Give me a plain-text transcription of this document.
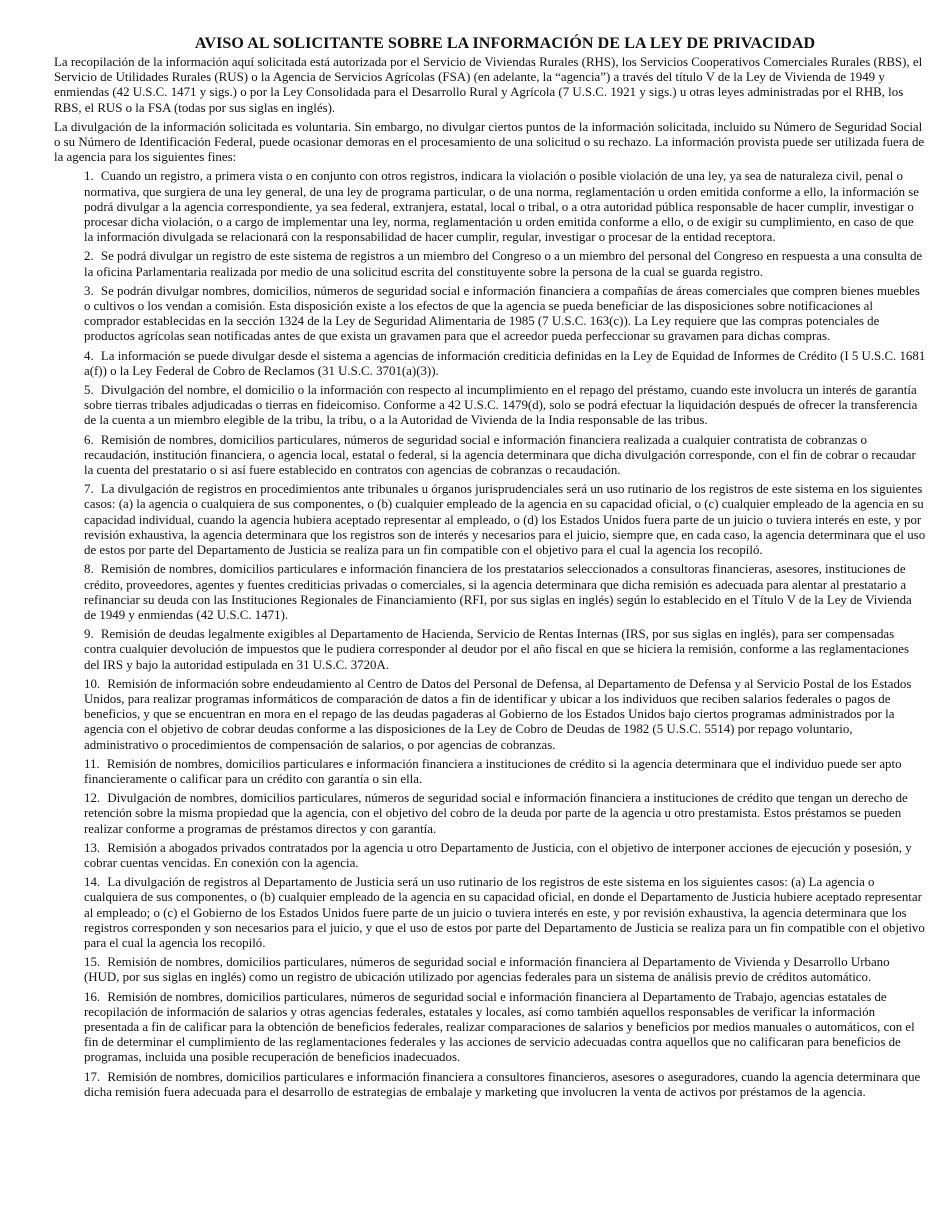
AVISO AL SOLICITANTE SOBRE LA INFORMACIÓN DE LA LEY DE PRIVACIDAD

La recopilación de la información aquí solicitada está autorizada por el Servicio de Viviendas Rurales (RHS), los Servicios Cooperativos Comerciales Rurales (RBS), el Servicio de Utilidades Rurales (RUS) o la Agencia de Servicios Agrícolas (FSA) (en adelante, la “agencia”) a través del título V de la Ley de Vivienda de 1949 y enmiendas (42 U.S.C. 1471 y sigs.) o por la Ley Consolidada para el Desarrollo Rural y Agrícola (7 U.S.C. 1921 y sigs.) u otras leyes administradas por el RHB, los RBS, el RUS o la FSA (todas por sus siglas en inglés).

La divulgación de la información solicitada es voluntaria. Sin embargo, no divulgar ciertos puntos de la información solicitada, incluido su Número de Seguridad Social o su Número de Identificación Federal, puede ocasionar demoras en el procesamiento de una solicitud o su rechazo. La información provista puede ser utilizada fuera de la agencia para los siguientes fines:

1. Cuando un registro, a primera vista o en conjunto con otros registros, indicara la violación o posible violación de una ley, ya sea de naturaleza civil, penal o normativa, que surgiera de una ley general, de una ley de programa particular, o de una norma, reglamentación u orden emitida conforme a ello, la información se podrá divulgar a la agencia correspondiente, ya sea federal, extranjera, estatal, local o tribal, o a otra autoridad pública responsable de hacer cumplir, investigar o procesar dicha violación, o a cargo de implementar una ley, norma, reglamentación u orden emitida conforme a ello, o de exigir su cumplimiento, en caso de que la información divulgada se relacionará con la responsabilidad de hacer cumplir, regular, investigar o procesar de la entidad receptora.
2. Se podrá divulgar un registro de este sistema de registros a un miembro del Congreso o a un miembro del personal del Congreso en respuesta a una consulta de la oficina Parlamentaria realizada por medio de una solicitud escrita del constituyente sobre la persona de la cual se guarda registro.
3. Se podrán divulgar nombres, domicilios, números de seguridad social e información financiera a compañías de áreas comerciales que compren bienes muebles o cultivos o los vendan a comisión. Esta disposición existe a los efectos de que la agencia se pueda beneficiar de las disposiciones sobre notificaciones al comprador establecidas en la sección 1324 de la Ley de Seguridad Alimentaria de 1985 (7 U.S.C. 163(c)). La Ley requiere que las compras potenciales de productos agrícolas sean notificadas antes de que exista un gravamen para que el acreedor pueda perfeccionar su gravamen para dichas compras.
4. La información se puede divulgar desde el sistema a agencias de información crediticia definidas en la Ley de Equidad de Informes de Crédito (I 5 U.S.C. 1681 a(f)) o la Ley Federal de Cobro de Reclamos (31 U.S.C. 3701(a)(3)).
5. Divulgación del nombre, el domicilio o la información con respecto al incumplimiento en el repago del préstamo, cuando este involucra un interés de garantía sobre tierras tribales adjudicadas o tierras en fideicomiso. Conforme a 42 U.S.C. 1479(d), solo se podrá efectuar la liquidación después de ofrecer la transferencia de la cuenta a un miembro elegible de la tribu, la tribu, o a la Autoridad de Vivienda de la India responsable de las tribus.
6. Remisión de nombres, domicilios particulares, números de seguridad social e información financiera realizada a cualquier contratista de cobranzas o recaudación, institución financiera, o agencia local, estatal o federal, si la agencia determinara que dicha divulgación corresponde, con el fin de cobrar o recaudar la cuenta del prestatario o si así fuere establecido en contratos con agencias de cobranzas o recaudación.
7. La divulgación de registros en procedimientos ante tribunales u órganos jurisprudenciales será un uso rutinario de los registros de este sistema en los siguientes casos: (a) la agencia o cualquiera de sus componentes, o (b) cualquier empleado de la agencia en su capacidad oficial, o (c) cualquier empleado de la agencia en su capacidad individual, cuando la agencia hubiera aceptado representar al empleado, o (d) los Estados Unidos fuera parte de un juicio o tuviera interés en este, y por revisión exhaustiva, la agencia determinara que los registros son de interés y necesarios para el juicio, siempre que, en cada caso, la agencia determinara que el uso de estos por parte del Departamento de Justicia se realiza para un fin compatible con el objetivo para el cual la agencia los recopiló.
8. Remisión de nombres, domicilios particulares e información financiera de los prestatarios seleccionados a consultoras financieras, asesores, instituciones de crédito, proveedores, agentes y fuentes crediticias privadas o comerciales, si la agencia determinara que dicha remisión es adecuada para alentar al prestatario a refinanciar su deuda con las Instituciones Regionales de Financiamiento (RFI, por sus siglas en inglés) según lo establecido en el Título V de la Ley de Vivienda de 1949 y enmiendas (42 U.S.C. 1471).
9. Remisión de deudas legalmente exigibles al Departamento de Hacienda, Servicio de Rentas Internas (IRS, por sus siglas en inglés), para ser compensadas contra cualquier devolución de impuestos que le pudiera corresponder al deudor por el año fiscal en que se hiciera la remisión, conforme a las reglamentaciones del IRS y bajo la autoridad estipulada en 31 U.S.C. 3720A.
10. Remisión de información sobre endeudamiento al Centro de Datos del Personal de Defensa, al Departamento de Defensa y al Servicio Postal de los Estados Unidos, para realizar programas informáticos de comparación de datos a fin de identificar y ubicar a los individuos que reciben salarios federales o pagos de beneficios, y que se encuentran en mora en el repago de las deudas pagaderas al Gobierno de los Estados Unidos bajo ciertos programas administrados por la agencia con el objetivo de cobrar deudas conforme a las disposiciones de la Ley de Cobro de Deudas de 1982 (5 U.S.C. 5514) por repago voluntario, administrativo o procedimientos de compensación de salarios, o por agencias de cobranzas.
11. Remisión de nombres, domicilios particulares e información financiera a instituciones de crédito si la agencia determinara que el individuo puede ser apto financieramente o calificar para un crédito con garantía o sin ella.
12. Divulgación de nombres, domicilios particulares, números de seguridad social e información financiera a instituciones de crédito que tengan un derecho de retención sobre la misma propiedad que la agencia, con el objetivo del cobro de la deuda por parte de la agencia u otro prestamista. Estos préstamos se pueden realizar conforme a programas de préstamos directos y con garantía.
13. Remisión a abogados privados contratados por la agencia u otro Departamento de Justicia, con el objetivo de interponer acciones de ejecución y posesión, y cobrar cuentas vencidas. En conexión con la agencia.
14. La divulgación de registros al Departamento de Justicia será un uso rutinario de los registros de este sistema en los siguientes casos: (a) La agencia o cualquiera de sus componentes, o (b) cualquier empleado de la agencia en su capacidad oficial, en donde el Departamento de Justicia hubiere aceptado representar al empleado; o (c) el Gobierno de los Estados Unidos fuere parte de un juicio o tuviera interés en este, y por revisión exhaustiva, la agencia determinara que los registros corresponden y son necesarios para el juicio, y que el uso de estos por parte del Departamento de Justicia se realiza para un fin compatible con el objetivo para el cual la agencia los recopiló.
15. Remisión de nombres, domicilios particulares, números de seguridad social e información financiera al Departamento de Vivienda y Desarrollo Urbano (HUD, por sus siglas en inglés) como un registro de ubicación utilizado por agencias federales para un sistema de análisis previo de créditos automático.
16. Remisión de nombres, domicilios particulares, números de seguridad social e información financiera al Departamento de Trabajo, agencias estatales de recopilación de información de salarios y otras agencias federales, estatales y locales, así como también aquellos responsables de verificar la información presentada a fin de calificar para la obtención de beneficios federales, realizar comparaciones de salarios y beneficios por medios manuales o automáticos, con el fin de determinar el cumplimiento de las reglamentaciones federales y las acciones de servicio adecuadas contra aquellos que no calificaran para beneficios de programas, incluida una posible recuperación de beneficios inadecuados.
17. Remisión de nombres, domicilios particulares e información financiera a consultores financieros, asesores o aseguradores, cuando la agencia determinara que dicha remisión fuera adecuada para el desarrollo de estrategias de embalaje y marketing que involucren la venta de activos por préstamos de la agencia.
